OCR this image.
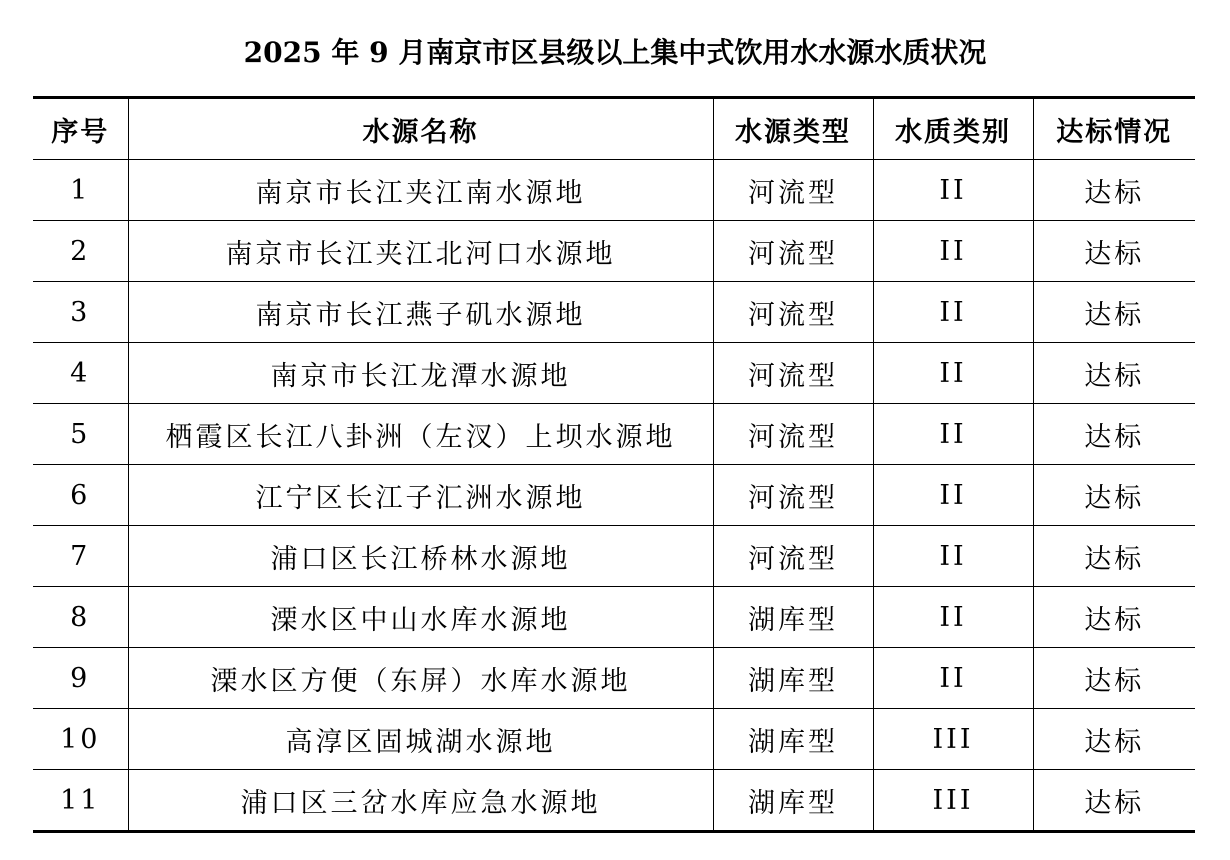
2025 年 9 月南京市区县级以上集中式饮用水水源水质状况
序号	水源名称	水源类型	水质类别	达标情况
1	南京市长江夹江南水源地	河流型	II	达标
2	南京市长江夹江北河口水源地	河流型	II	达标
3	南京市长江燕子矶水源地	河流型	II	达标
4	南京市长江龙潭水源地	河流型	II	达标
5	栖霞区长江八卦洲（左汊）上坝水源地	河流型	II	达标
6	江宁区长江子汇洲水源地	河流型	II	达标
7	浦口区长江桥林水源地	河流型	II	达标
8	溧水区中山水库水源地	湖库型	II	达标
9	溧水区方便（东屏）水库水源地	湖库型	II	达标
10	高淳区固城湖水源地	湖库型	III	达标
11	浦口区三岔水库应急水源地	湖库型	III	达标
